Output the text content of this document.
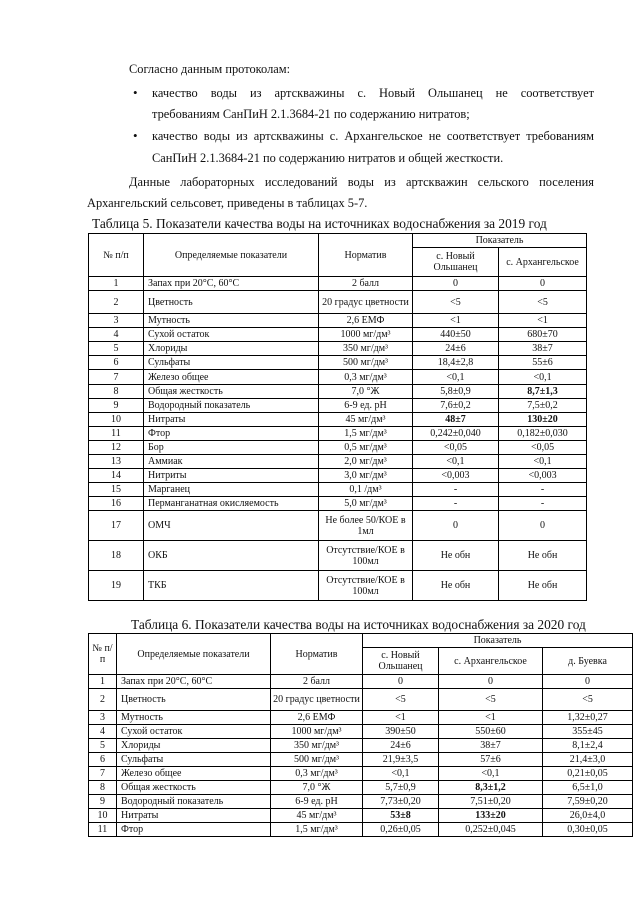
Согласно данным протоколам:
• качество воды из артскважины с. Новый Ольшанец не соответствует
требованиям СанПиН 2.1.3684-21 по содержанию нитратов;
• качество воды из артскважины с. Архангельское не соответствует требованиям
СанПиН 2.1.3684-21 по содержанию нитратов и общей жесткости.
Данные лабораторных исследований воды из артскважин сельского поселения
Архангельский сельсовет, приведены в таблицах 5-7.
Таблица 5. Показатели качества воды на источниках водоснабжения за 2019 год
№ п/п	Определяемые показатели	Норматив	Показатель	
			с. Новый Ольшанец	с. Архангельское
1	Запах при 20°С, 60°С	2 балл	0	0
2	Цветность	20 градус цветности	<5	<5
3	Мутность	2,6 ЕМФ	<1	<1
4	Сухой остаток	1000 мг/дм³	440±50	680±70
5	Хлориды	350 мг/дм³	24±6	38±7
6	Сульфаты	500 мг/дм³	18,4±2,8	55±6
7	Железо общее	0,3 мг/дм³	<0,1	<0,1
8	Общая жесткость	7,0 °Ж	5,8±0,9	8,7±1,3
9	Водородный показатель	6-9 ед. рН	7,6±0,2	7,5±0,2
10	Нитраты	45 мг/дм³	48±7	130±20
11	Фтор	1,5 мг/дм³	0,242±0,040	0,182±0,030
12	Бор	0,5 мг/дм³	<0,05	<0,05
13	Аммиак	2,0 мг/дм³	<0,1	<0,1
14	Нитриты	3,0 мг/дм³	<0,003	<0,003
15	Марганец	0,1 /дм³	-	-
16	Перманганатная окисляемость	5,0 мг/дм³	-	-
17	ОМЧ	Не более 50/КОЕ в 1мл	0	0
18	ОКБ	Отсутствие/КОЕ в 100мл	Не обн	Не обн
19	ТКБ	Отсутствие/КОЕ в 100мл	Не обн	Не обн
Таблица 6. Показатели качества воды на источниках водоснабжения за 2020 год
№ п/п	Определяемые показатели	Норматив	Показатель		
			с. Новый Ольшанец	с. Архангельское	д. Буевка
1	Запах при 20°С, 60°С	2 балл	0	0	0
2	Цветность	20 градус цветности	<5	<5	<5
3	Мутность	2,6 ЕМФ	<1	<1	1,32±0,27
4	Сухой остаток	1000 мг/дм³	390±50	550±60	355±45
5	Хлориды	350 мг/дм³	24±6	38±7	8,1±2,4
6	Сульфаты	500 мг/дм³	21,9±3,5	57±6	21,4±3,0
7	Железо общее	0,3 мг/дм³	<0,1	<0,1	0,21±0,05
8	Общая жесткость	7,0 °Ж	5,7±0,9	8,3±1,2	6,5±1,0
9	Водородный показатель	6-9 ед. рН	7,73±0,20	7,51±0,20	7,59±0,20
10	Нитраты	45 мг/дм³	53±8	133±20	26,0±4,0
11	Фтор	1,5 мг/дм³	0,26±0,05	0,252±0,045	0,30±0,05
